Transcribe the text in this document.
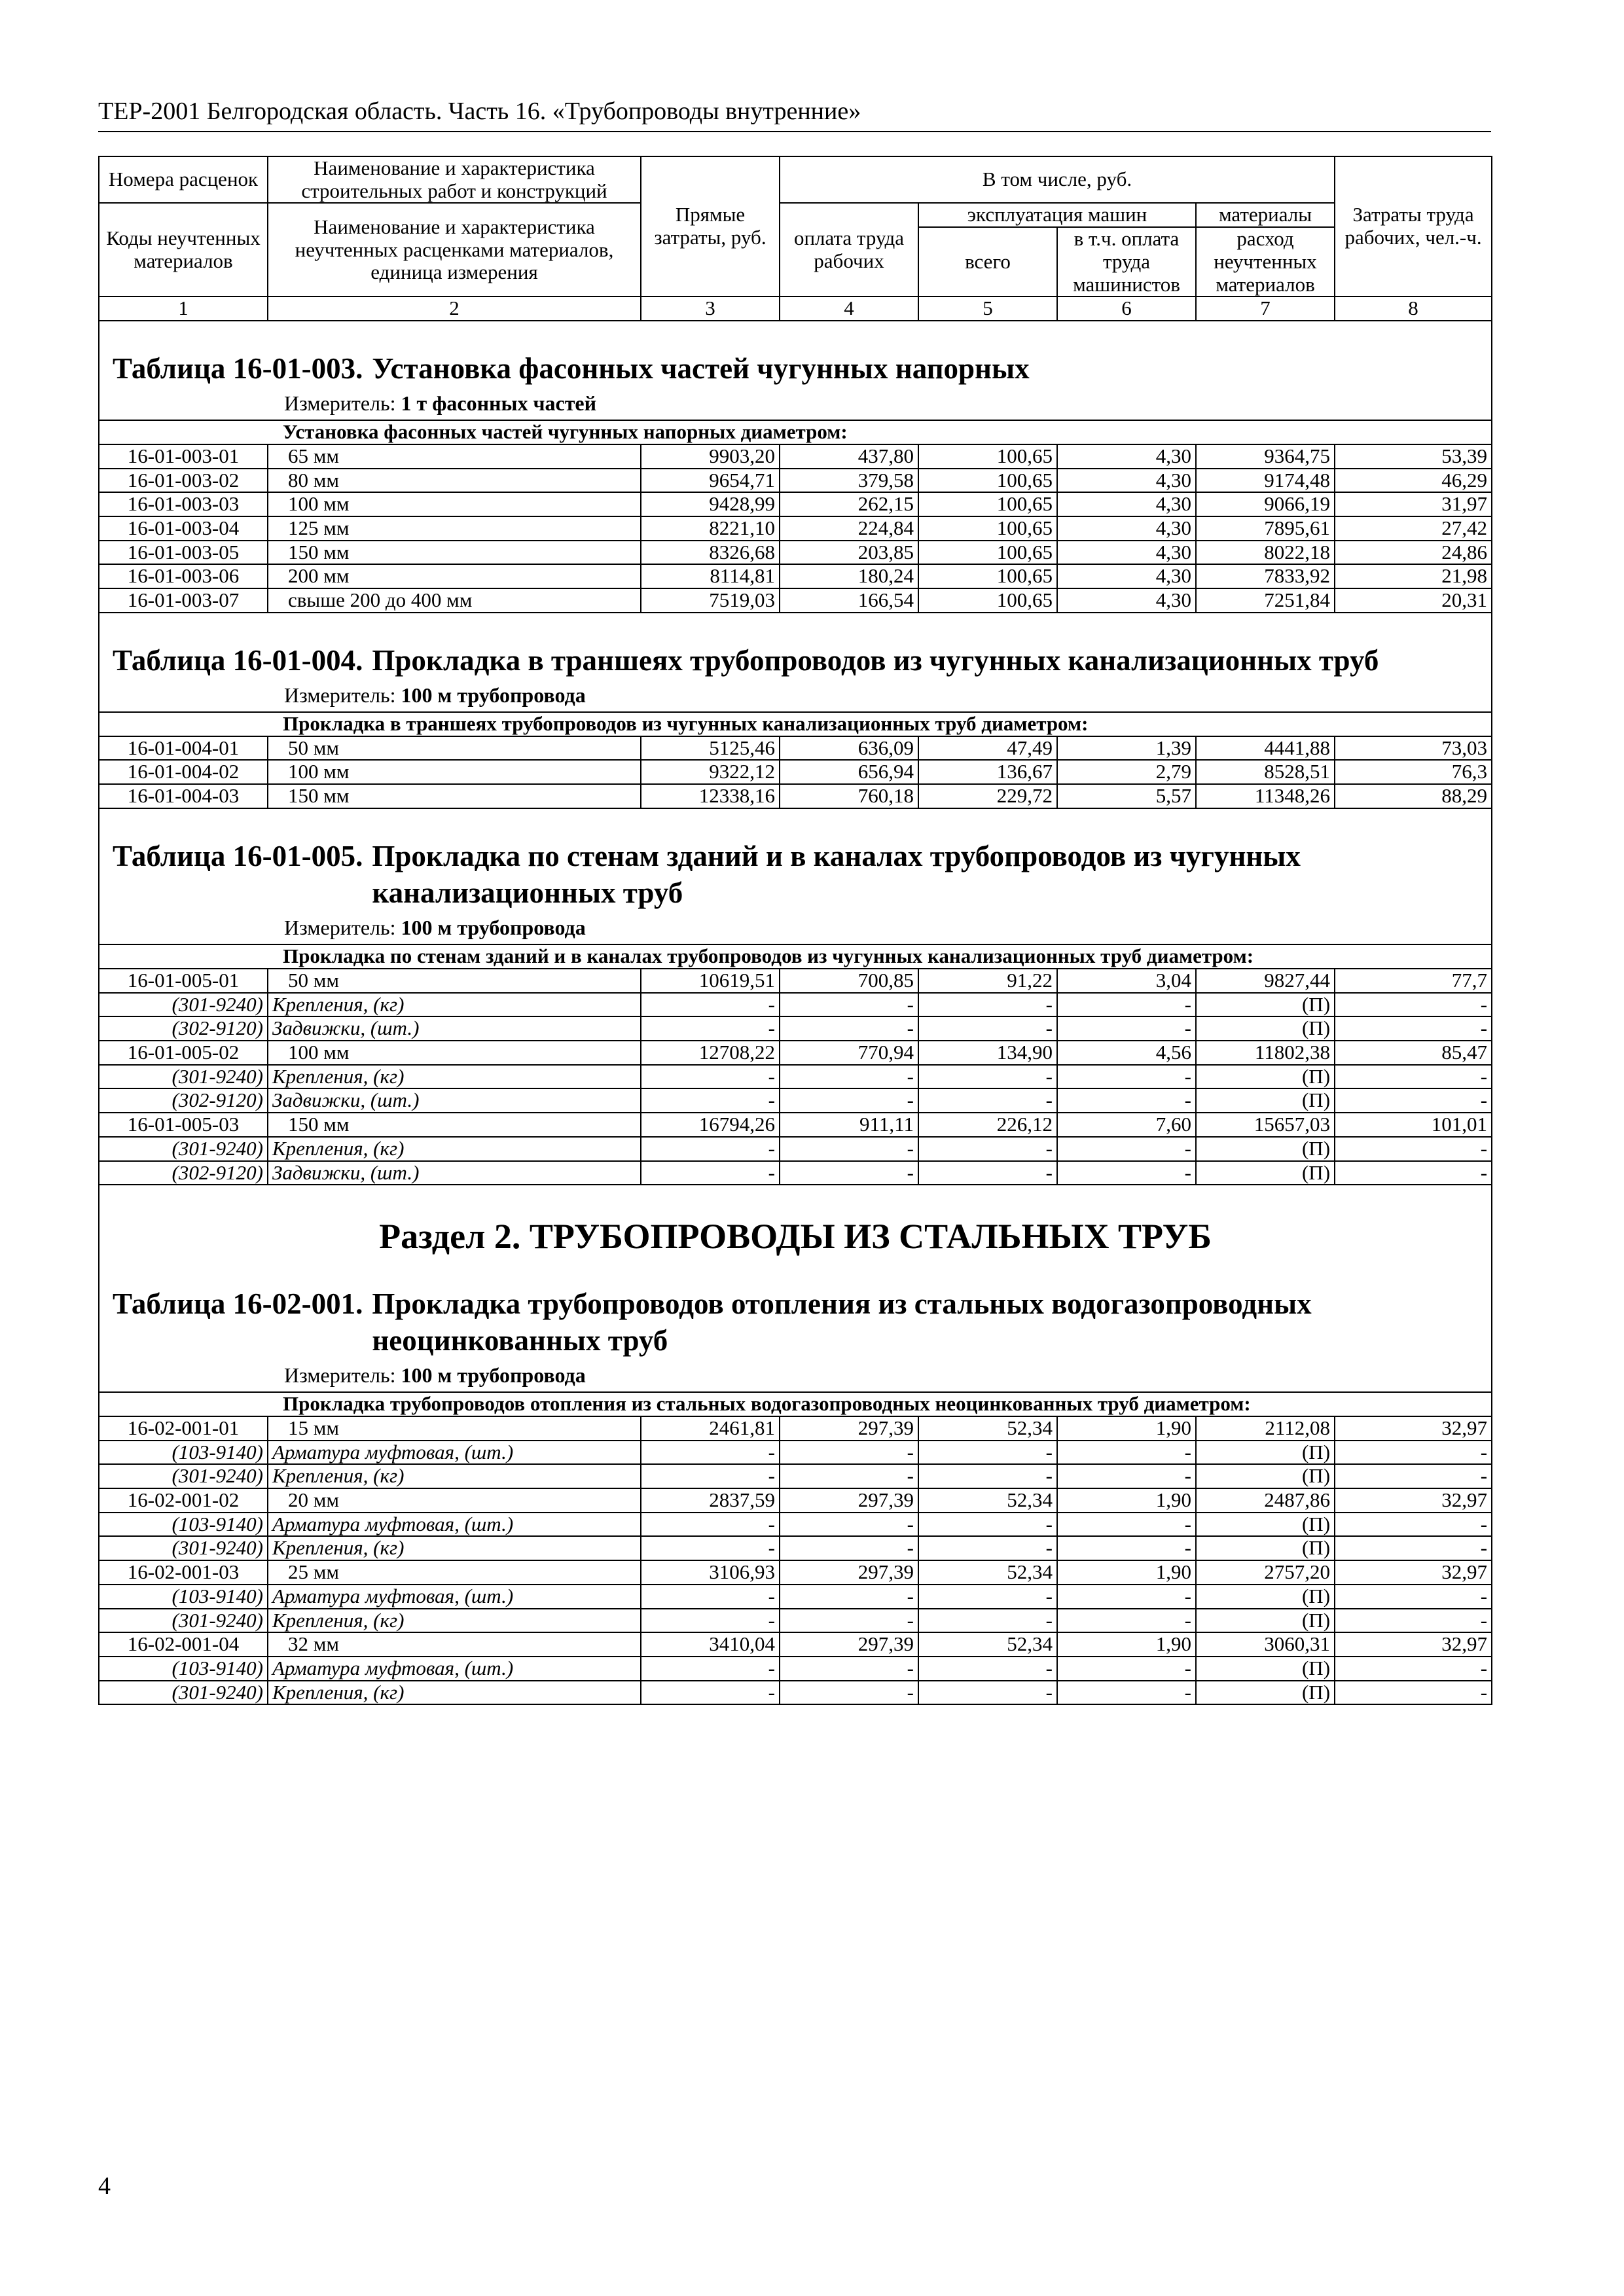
ТЕР-2001 Белгородская область. Часть 16. «Трубопроводы внутренние»
Номера расценок	Наименование и характеристика строительных работ и конструкций	Прямые затраты, руб.	В том числе, руб.				Затраты труда рабочих, чел.-ч.
Коды неучтенных материалов	Наименование и характеристика неучтенных расценками материалов, единица измерения		оплата труда рабочих	эксплуатация машин		материалы	
				всего	в т.ч. оплата труда машинистов	расход неучтенных материалов	
1	2	3	4	5	6	7	8

Таблица 16-01-003. Установка фасонных частей чугунных напорных
Измеритель: 1 т фасонных частей							

Установка фасонных частей чугунных напорных диаметром:							
16-01-003-01	65 мм	9903,20	437,80	100,65	4,30	9364,75	53,39
16-01-003-02	80 мм	9654,71	379,58	100,65	4,30	9174,48	46,29
16-01-003-03	100 мм	9428,99	262,15	100,65	4,30	9066,19	31,97
16-01-003-04	125 мм	8221,10	224,84	100,65	4,30	7895,61	27,42
16-01-003-05	150 мм	8326,68	203,85	100,65	4,30	8022,18	24,86
16-01-003-06	200 мм	8114,81	180,24	100,65	4,30	7833,92	21,98
16-01-003-07	свыше 200 до 400 мм	7519,03	166,54	100,65	4,30	7251,84	20,31

Таблица 16-01-004. Прокладка в траншеях трубопроводов из чугунных канализационных труб
Измеритель: 100 м трубопровода							

Прокладка в траншеях трубопроводов из чугунных канализационных труб диаметром:							
16-01-004-01	50 мм	5125,46	636,09	47,49	1,39	4441,88	73,03
16-01-004-02	100 мм	9322,12	656,94	136,67	2,79	8528,51	76,3
16-01-004-03	150 мм	12338,16	760,18	229,72	5,57	11348,26	88,29

Таблица 16-01-005. Прокладка по стенам зданий и в каналах трубопроводов из чугунных канализационных труб
Измеритель: 100 м трубопровода							

Прокладка по стенам зданий и в каналах трубопроводов из чугунных канализационных труб диаметром:							
16-01-005-01	50 мм	10619,51	700,85	91,22	3,04	9827,44	77,7
(301-9240)	Крепления, (кг)	-	-	-	-	(П)	-
(302-9120)	Задвижки, (шт.)	-	-	-	-	(П)	-
16-01-005-02	100 мм	12708,22	770,94	134,90	4,56	11802,38	85,47
(301-9240)	Крепления, (кг)	-	-	-	-	(П)	-
(302-9120)	Задвижки, (шт.)	-	-	-	-	(П)	-
16-01-005-03	150 мм	16794,26	911,11	226,12	7,60	15657,03	101,01
(301-9240)	Крепления, (кг)	-	-	-	-	(П)	-
(302-9120)	Задвижки, (шт.)	-	-	-	-	(П)	-

Раздел 2. ТРУБОПРОВОДЫ ИЗ СТАЛЬНЫХ ТРУБ
Таблица 16-02-001. Прокладка трубопроводов отопления из стальных водогазопроводных неоцинкованных труб
Измеритель: 100 м трубопровода							

Прокладка трубопроводов отопления из стальных водогазопроводных неоцинкованных труб диаметром:							
16-02-001-01	15 мм	2461,81	297,39	52,34	1,90	2112,08	32,97
(103-9140)	Арматура муфтовая, (шт.)	-	-	-	-	(П)	-
(301-9240)	Крепления, (кг)	-	-	-	-	(П)	-
16-02-001-02	20 мм	2837,59	297,39	52,34	1,90	2487,86	32,97
(103-9140)	Арматура муфтовая, (шт.)	-	-	-	-	(П)	-
(301-9240)	Крепления, (кг)	-	-	-	-	(П)	-
16-02-001-03	25 мм	3106,93	297,39	52,34	1,90	2757,20	32,97
(103-9140)	Арматура муфтовая, (шт.)	-	-	-	-	(П)	-
(301-9240)	Крепления, (кг)	-	-	-	-	(П)	-
16-02-001-04	32 мм	3410,04	297,39	52,34	1,90	3060,31	32,97
(103-9140)	Арматура муфтовая, (шт.)	-	-	-	-	(П)	-
(301-9240)	Крепления, (кг)	-	-	-	-	(П)	-
4
